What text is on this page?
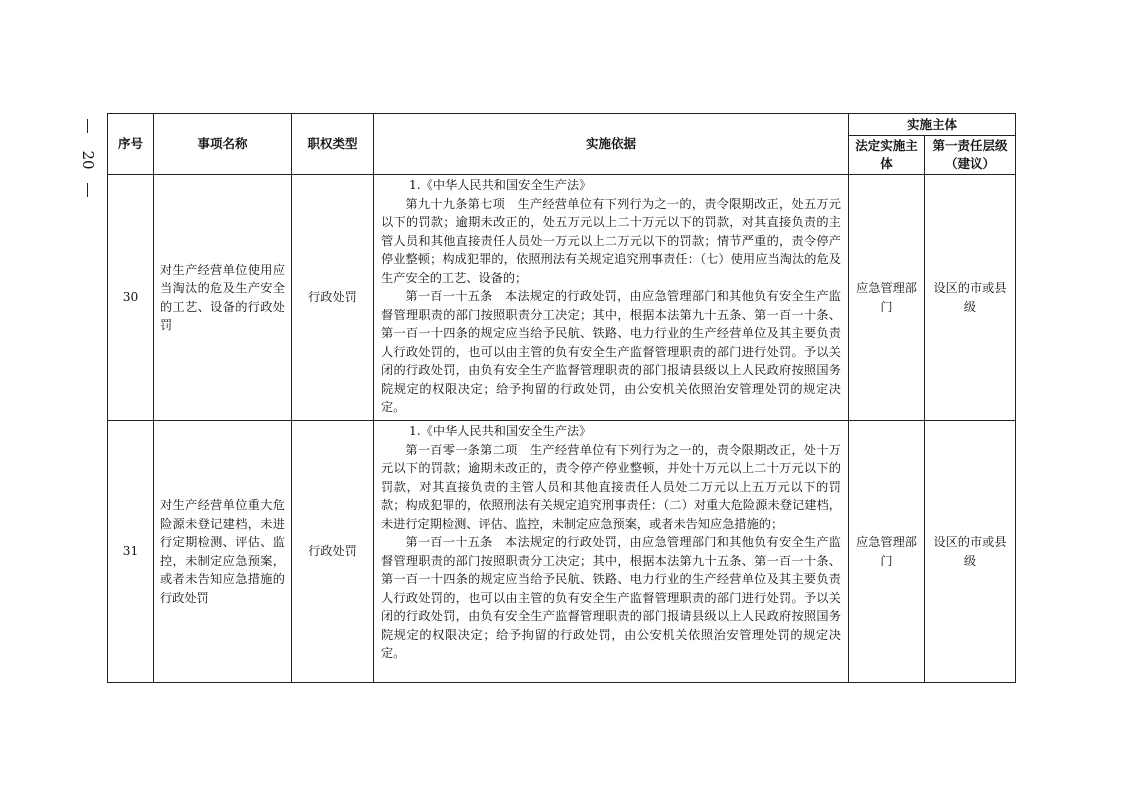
20
序号	事项名称	职权类型	实施依据	实施主体	
				法定实施主体	第一责任层级（建议）
30	对生产经营单位使用应当淘汰的危及生产安全的工艺、设备的行政处罚	行政处罚	1.《中华人民共和国安全生产法》

第九十九条第七项　生产经营单位有下列行为之一的，责令限期改正，处五万元以下的罚款；逾期未改正的，处五万元以上二十万元以下的罚款，对其直接负责的主管人员和其他直接责任人员处一万元以上二万元以下的罚款；情节严重的，责令停产停业整顿；构成犯罪的，依照刑法有关规定追究刑事责任：（七）使用应当淘汰的危及生产安全的工艺、设备的；

第一百一十五条　本法规定的行政处罚，由应急管理部门和其他负有安全生产监督管理职责的部门按照职责分工决定；其中，根据本法第九十五条、第一百一十条、第一百一十四条的规定应当给予民航、铁路、电力行业的生产经营单位及其主要负责人行政处罚的，也可以由主管的负有安全生产监督管理职责的部门进行处罚。予以关闭的行政处罚，由负有安全生产监督管理职责的部门报请县级以上人民政府按照国务院规定的权限决定；给予拘留的行政处罚，由公安机关依照治安管理处罚的规定决定。	应急管理部门	设区的市或县级
31	对生产经营单位重大危险源未登记建档，未进行定期检测、评估、监控，未制定应急预案，或者未告知应急措施的行政处罚	行政处罚	1.《中华人民共和国安全生产法》

第一百零一条第二项　生产经营单位有下列行为之一的，责令限期改正，处十万元以下的罚款；逾期未改正的，责令停产停业整顿，并处十万元以上二十万元以下的罚款，对其直接负责的主管人员和其他直接责任人员处二万元以上五万元以下的罚款；构成犯罪的，依照刑法有关规定追究刑事责任：（二）对重大危险源未登记建档，未进行定期检测、评估、监控，未制定应急预案，或者未告知应急措施的；

第一百一十五条　本法规定的行政处罚，由应急管理部门和其他负有安全生产监督管理职责的部门按照职责分工决定；其中，根据本法第九十五条、第一百一十条、第一百一十四条的规定应当给予民航、铁路、电力行业的生产经营单位及其主要负责人行政处罚的，也可以由主管的负有安全生产监督管理职责的部门进行处罚。予以关闭的行政处罚，由负有安全生产监督管理职责的部门报请县级以上人民政府按照国务院规定的权限决定；给予拘留的行政处罚，由公安机关依照治安管理处罚的规定决定。	应急管理部门	设区的市或县级
